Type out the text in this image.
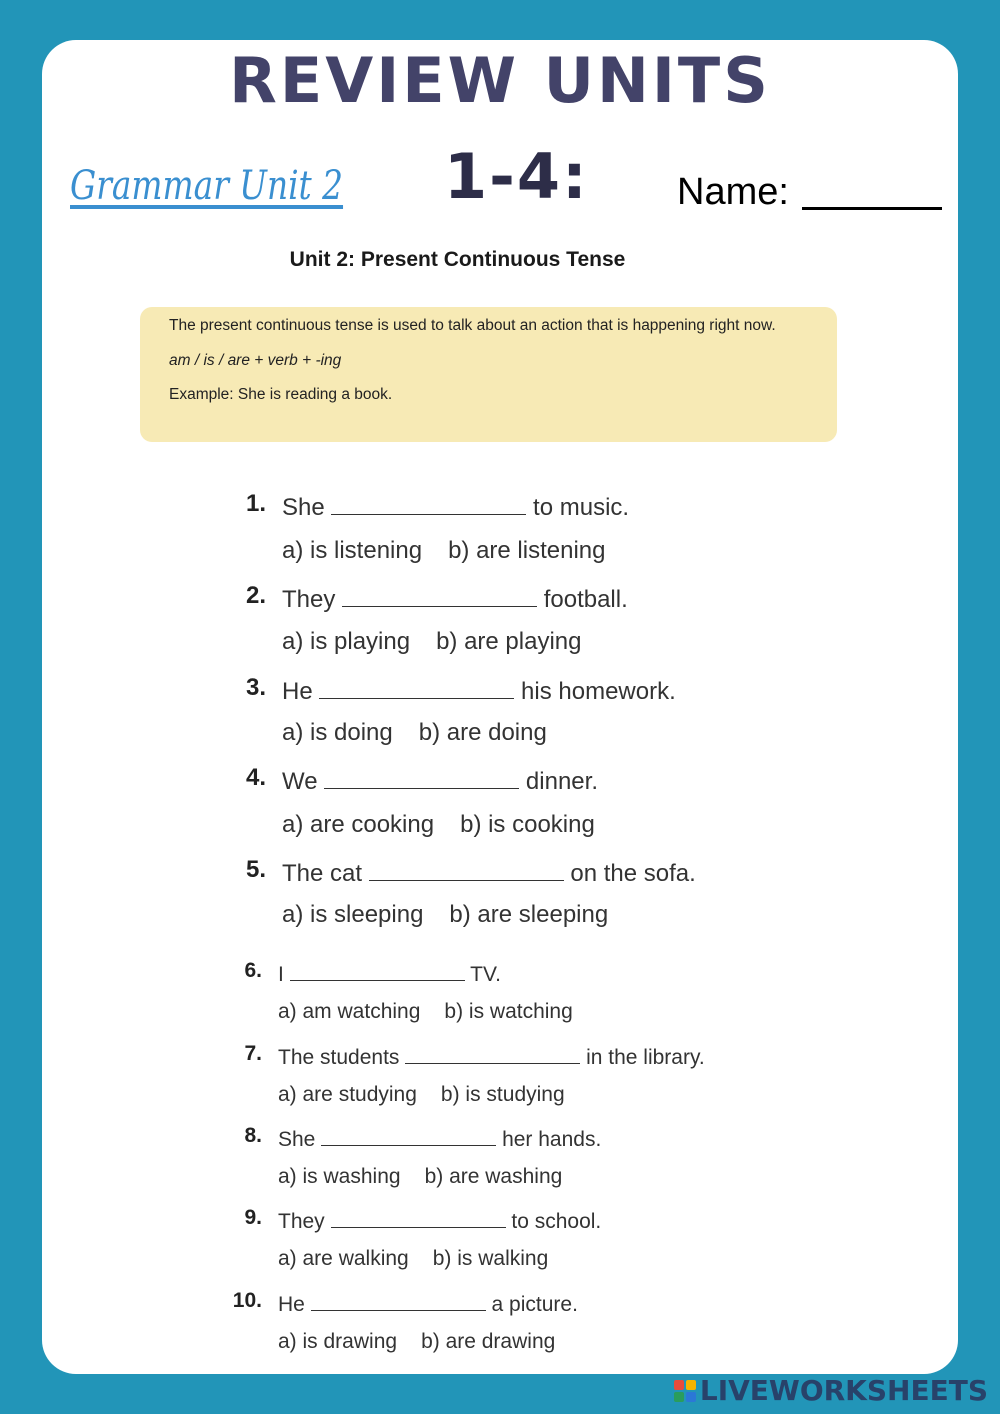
REVIEW UNITS
Grammar Unit 2 1-4: Name:
Unit 2: Present Continuous Tense

The present continuous tense is used to talk about an action that is happening right now.

am / is / are + verb + -ing

Example: She is reading a book.

1. She	to music.
a) is listening b) are listening
2. They	football.
a) is playing b) are playing
3. He	his homework.
a) is doing b) are doing
4. We	dinner.
a) are cooking b) is cooking
5. The cat	on the sofa.
a) is sleeping b) are sleeping
6. I	TV.
a) am watching b) is watching
7. The students	in the library.
a) are studying b) is studying
8. She	her hands.
a) is washing b) are washing
9. They	to school.
a) are walking b) is walking
10. He	a picture.
a) is drawing b) are drawing
LIVEWORKSHEETS
